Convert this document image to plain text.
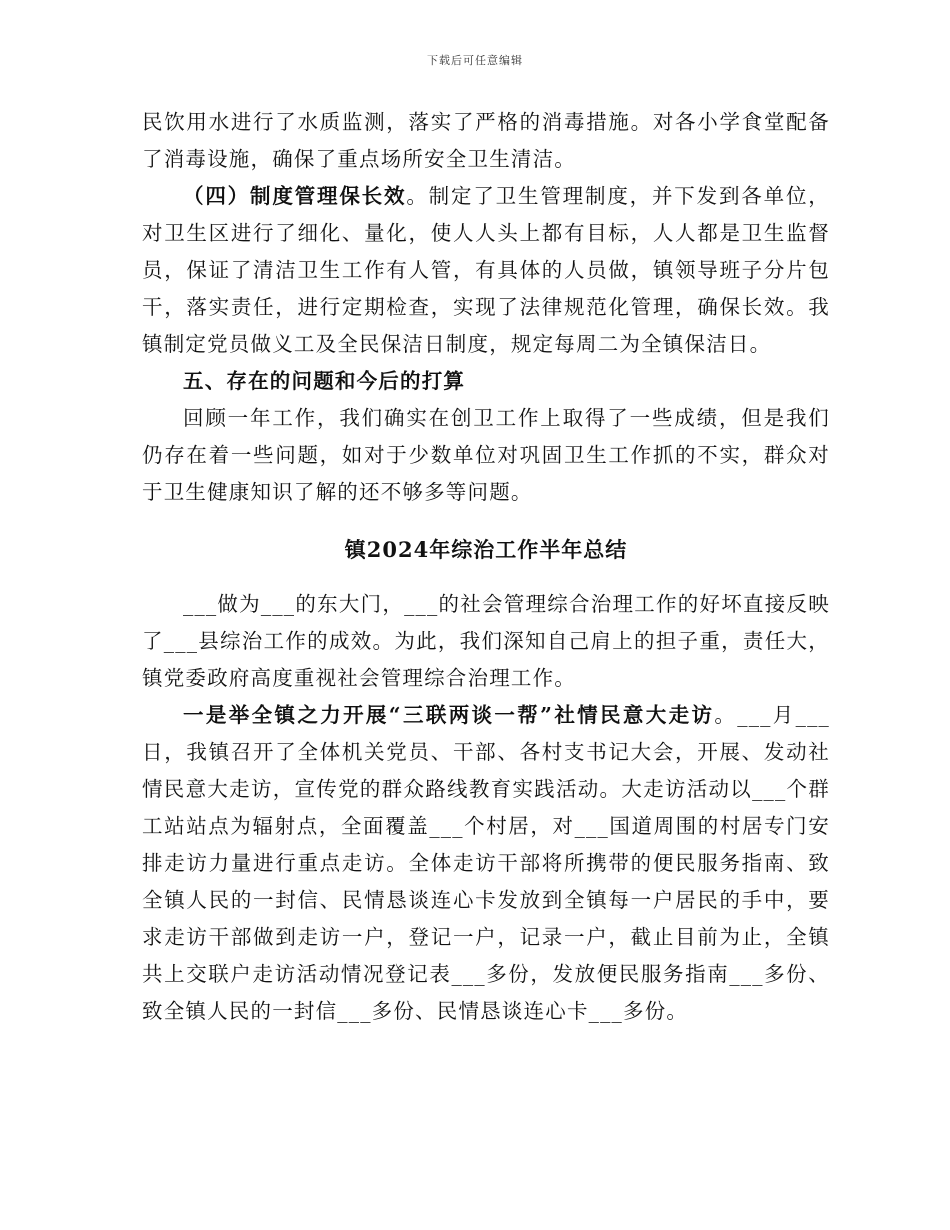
下载后可任意编辑

民饮用水进行了水质监测，落实了严格的消毒措施。对各小学食堂配备了消毒设施，确保了重点场所安全卫生清洁。

（四）制度管理保长效。制定了卫生管理制度，并下发到各单位，对卫生区进行了细化、量化，使人人头上都有目标，人人都是卫生监督员，保证了清洁卫生工作有人管，有具体的人员做，镇领导班子分片包干，落实责任，进行定期检查，实现了法律规范化管理，确保长效。我镇制定党员做义工及全民保洁日制度，规定每周二为全镇保洁日。

五、存在的问题和今后的打算

回顾一年工作，我们确实在创卫工作上取得了一些成绩，但是我们仍存在着一些问题，如对于少数单位对巩固卫生工作抓的不实，群众对于卫生健康知识了解的还不够多等问题。

镇2024年综治工作半年总结

___做为___的东大门，___的社会管理综合治理工作的好坏直接反映了___县综治工作的成效。为此，我们深知自己肩上的担子重，责任大，镇党委政府高度重视社会管理综合治理工作。

一是举全镇之力开展“三联两谈一帮”社情民意大走访。___月___日，我镇召开了全体机关党员、干部、各村支书记大会，开展、发动社情民意大走访，宣传党的群众路线教育实践活动。大走访活动以___个群工站站点为辐射点，全面覆盖___个村居，对___国道周围的村居专门安排走访力量进行重点走访。全体走访干部将所携带的便民服务指南、致全镇人民的一封信、民情恳谈连心卡发放到全镇每一户居民的手中，要求走访干部做到走访一户，登记一户，记录一户，截止目前为止，全镇共上交联户走访活动情况登记表___多份，发放便民服务指南___多份、致全镇人民的一封信___多份、民情恳谈连心卡___多份。
